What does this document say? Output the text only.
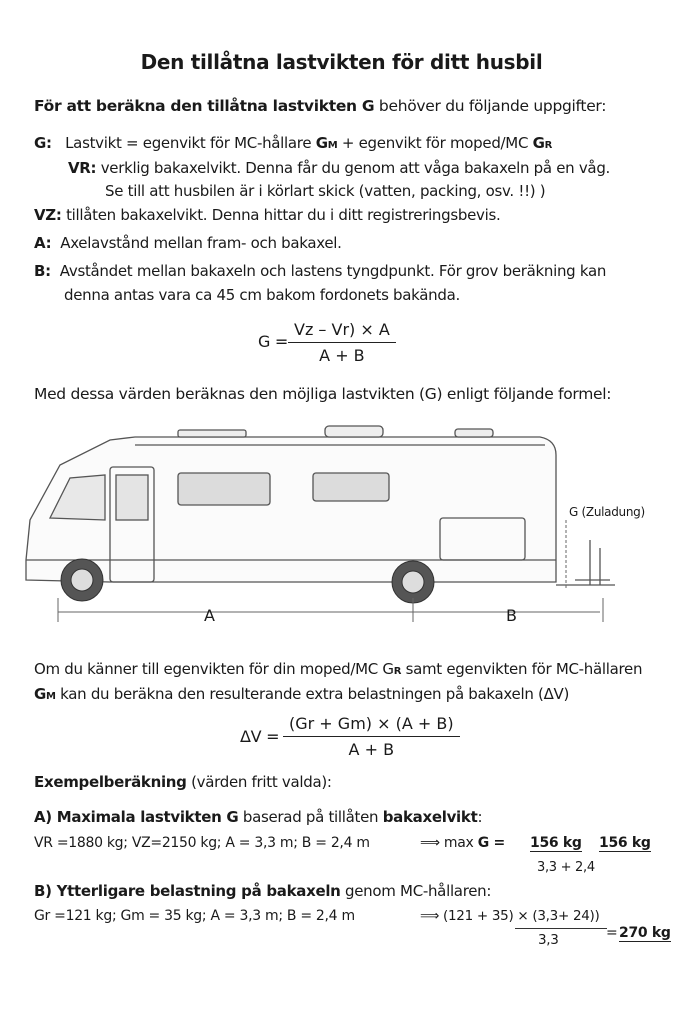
Den tillåtna lastvikten för ditt husbil
För att beräkna den tillåtna lastvikten G behöver du följande uppgifter:
G: Lastvikt = egenvikt för MC-hållare GM + egenvikt för moped/MC GR
VR: verklig bakaxelvikt. Denna får du genom att våga bakaxeln på en våg.
Se till att husbilen är i körlart skick (vatten, packing, osv. !!) )
VZ: tillåten bakaxelvikt. Denna hittar du i ditt registreringsbevis.
A: Axelavstånd mellan fram- och bakaxel.
B: Avståndet mellan bakaxeln och lastens tyngdpunkt. För grov beräkning kan
denna antas vara ca 45 cm bakom fordonets bakända.
$G = \frac{Vz - Vr) \times A}{A + B}$
Med dessa värden beräknas den möjliga lastvikten (G) enligt följande formel:
A	B
G (Zuladung)
Om du känner till egenvikten för din moped/MC GR samt egenvikten för MC-hällaren
GM kan du beräkna den resulterande extra belastningen på bakaxeln (ΔV)
$\Delta V = \frac{(Gr + Gm) \times (A + B)}{A + B}$
Exempelberäkning (värden fritt valda):
A) Maximala lastvikten G baserad på tillåten bakaxelvikt:
VR =1880 kg; VZ=2150 kg; A = 3,3 m; B = 2,4 m	⟹ max G = 156 kg 156 kg
3,3 + 2,4
B) Ytterligare belastning på bakaxeln genom MC-hållaren:
Gr =121 kg; Gm = 35 kg; A = 3,3 m; B = 2,4 m	⟹ (121 + 35) × (3,3+ 24))
3,3	= 270 kg
